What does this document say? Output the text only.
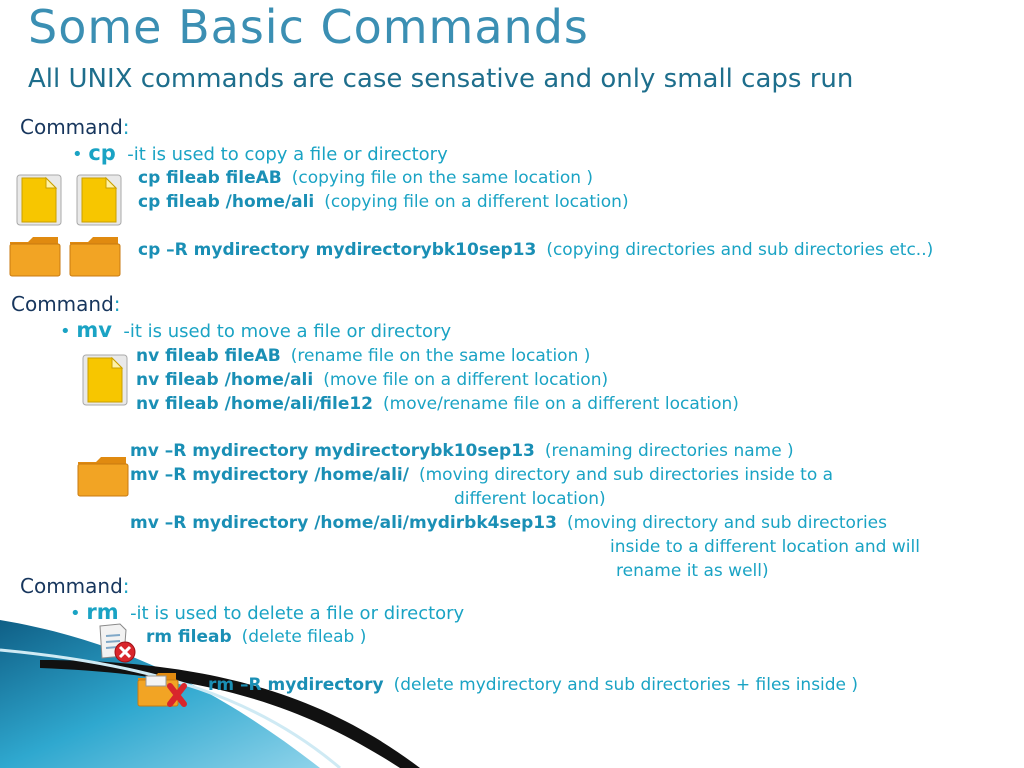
Some Basic Commands
All UNIX commands are case sensative and only small caps run
Command:
• cp -it is used to copy a file or directory
cp fileab fileAB (copying file on the same location )
cp fileab /home/ali (copying file on a different location)
cp –R mydirectory mydirectorybk10sep13 (copying directories and sub directories etc..)
Command:
• mv -it is used to move a file or directory
nv fileab fileAB (rename file on the same location )
nv fileab /home/ali (move file on a different location)
nv fileab /home/ali/file12 (move/rename file on a different location)
mv –R mydirectory mydirectorybk10sep13 (renaming directories name )
mv –R mydirectory /home/ali/ (moving directory and sub directories inside to a
different location)
mv –R mydirectory /home/ali/mydirbk4sep13 (moving directory and sub directories
inside to a different location and will
rename it as well)
Command:
• rm -it is used to delete a file or directory
rm fileab (delete fileab )
rm –R mydirectory (delete mydirectory and sub directories + files inside )
